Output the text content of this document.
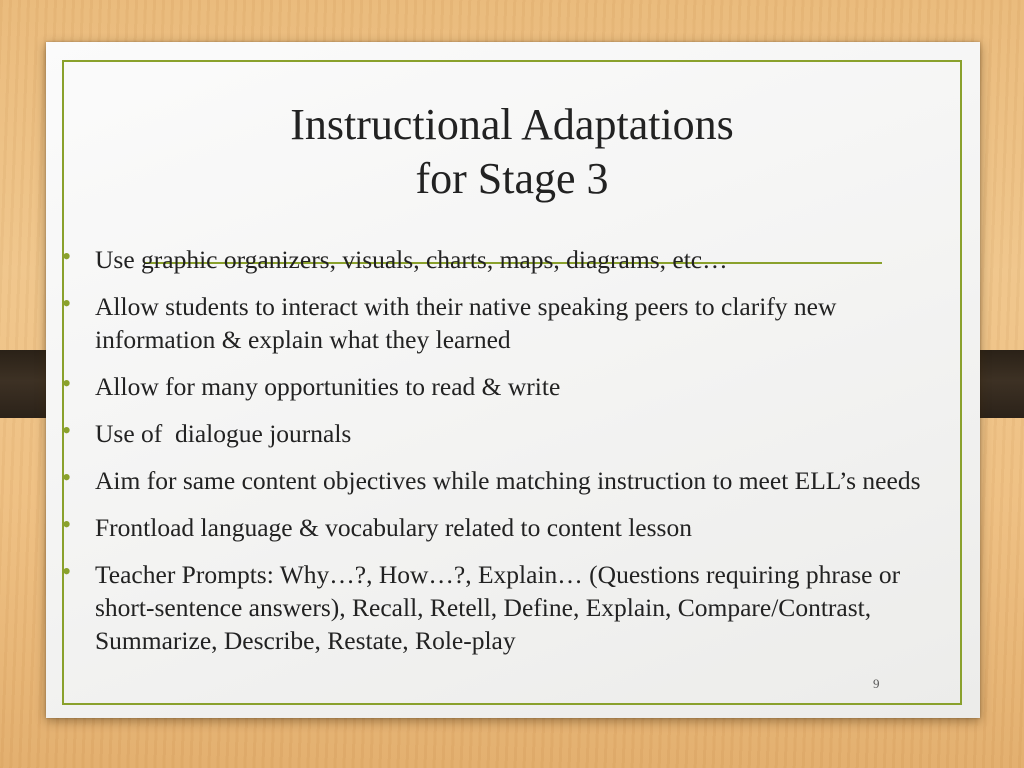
Instructional Adaptations
for Stage 3
• Use graphic organizers, visuals, charts, maps, diagrams, etc…
• Allow students to interact with their native speaking peers to clarify new information & explain what they learned
• Allow for many opportunities to read & write
• Use of  dialogue journals
• Aim for same content objectives while matching instruction to meet ELL’s needs
• Frontload language & vocabulary related to content lesson
• Teacher Prompts: Why…?, How…?, Explain… (Questions requiring phrase or short-sentence answers), Recall, Retell, Define, Explain, Compare/Contrast, Summarize, Describe, Restate, Role-play
9
